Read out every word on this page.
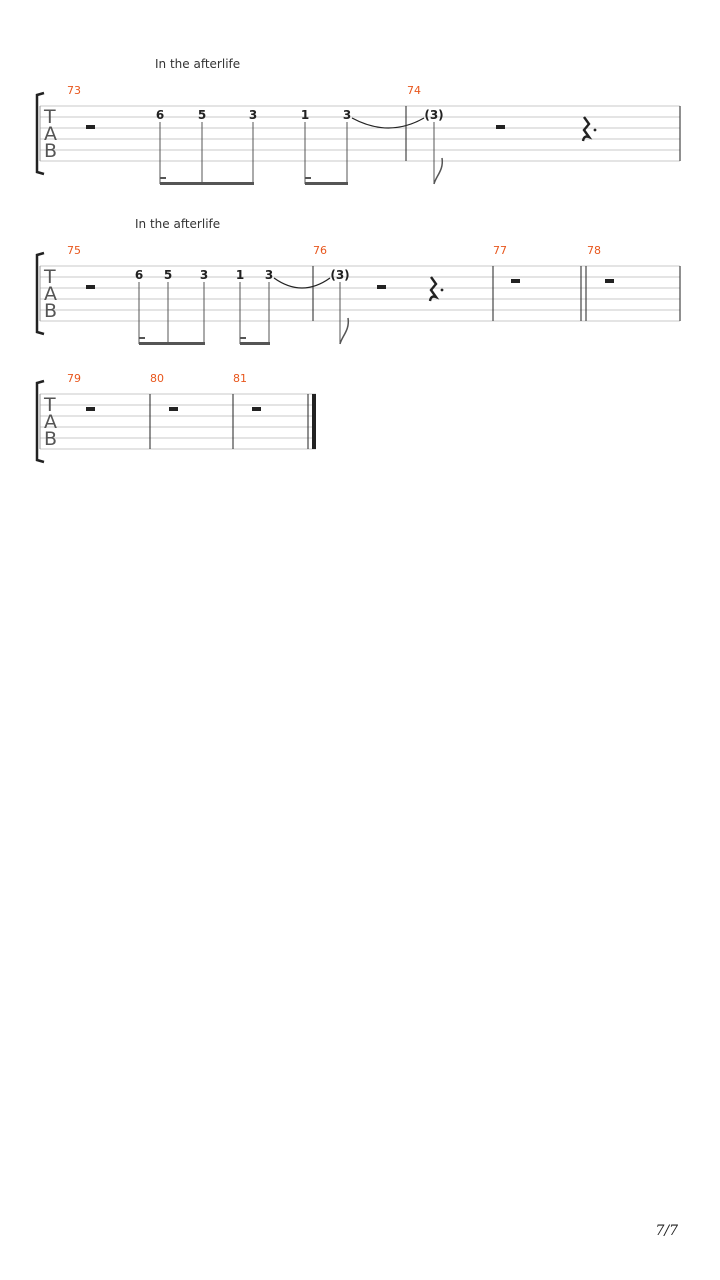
In the afterlife
T
A
B
73	74
6	5	3	1	3	(3)
In the afterlife
T
A
B
75	76	77	78
6 5 3 1 3	(3)
T
A
B
79	80	81
7/7
